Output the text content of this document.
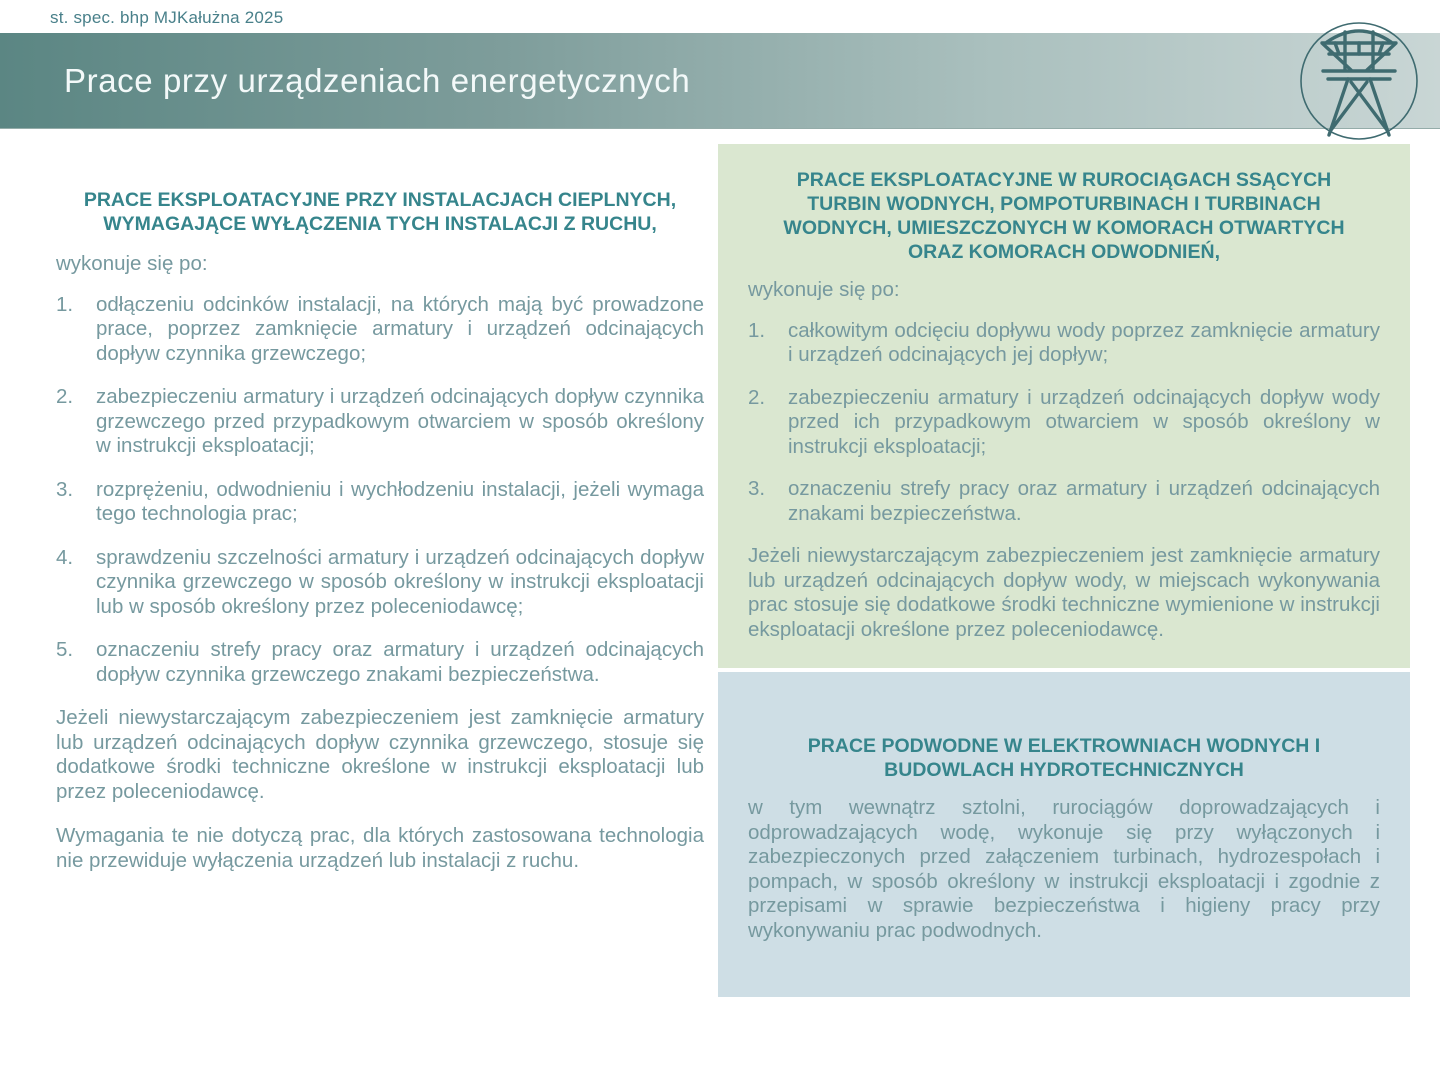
st. spec. bhp MJKałużna 2025
Prace przy urządzeniach energetycznych
PRACE EKSPLOATACYJNE PRZY INSTALACJACH CIEPLNYCH,
WYMAGAJĄCE WYŁĄCZENIA TYCH INSTALACJI Z RUCHU,

wykonuje się po:

1.	odłączeniu odcinków instalacji, na których mają być prowadzone prace, poprzez zamknięcie armatury i urządzeń odcinających dopływ czynnika grzewczego;
2.	zabezpieczeniu armatury i urządzeń odcinających dopływ czynnika grzewczego przed przypadkowym otwarciem w sposób określony w instrukcji eksploatacji;
3.	rozprężeniu, odwodnieniu i wychłodzeniu instalacji, jeżeli wymaga tego technologia prac;
4.	sprawdzeniu szczelności armatury i urządzeń odcinających dopływ czynnika grzewczego w sposób określony w instrukcji eksploatacji lub w sposób określony przez poleceniodawcę;
5.	oznaczeniu strefy pracy oraz armatury i urządzeń odcinających dopływ czynnika grzewczego znakami bezpieczeństwa.

Jeżeli niewystarczającym zabezpieczeniem jest zamknięcie armatury lub urządzeń odcinających dopływ czynnika grzewczego, stosuje się dodatkowe środki techniczne określone w instrukcji eksploatacji lub przez poleceniodawcę.

Wymagania te nie dotyczą prac, dla których zastosowana technologia nie przewiduje wyłączenia urządzeń lub instalacji z ruchu.

PRACE EKSPLOATACYJNE W RUROCIĄGACH SSĄCYCH
TURBIN WODNYCH, POMPOTURBINACH I TURBINACH
WODNYCH, UMIESZCZONYCH W KOMORACH OTWARTYCH
ORAZ KOMORACH ODWODNIEŃ,

wykonuje się po:

1.	całkowitym odcięciu dopływu wody poprzez zamknięcie armatury i urządzeń odcinających jej dopływ;
2.	zabezpieczeniu armatury i urządzeń odcinających dopływ wody przed ich przypadkowym otwarciem w sposób określony w instrukcji eksploatacji;
3.	oznaczeniu strefy pracy oraz armatury i urządzeń odcinających znakami bezpieczeństwa.

Jeżeli niewystarczającym zabezpieczeniem jest zamknięcie armatury lub urządzeń odcinających dopływ wody, w miejscach wykonywania prac stosuje się dodatkowe środki techniczne wymienione w instrukcji eksploatacji określone przez poleceniodawcę.

PRACE PODWODNE W ELEKTROWNIACH WODNYCH I
BUDOWLACH HYDROTECHNICZNYCH

w tym wewnątrz sztolni, rurociągów doprowadzających i odprowadzających wodę, wykonuje się przy wyłączonych i zabezpieczonych przed załączeniem turbinach, hydrozespołach i pompach, w sposób określony w instrukcji eksploatacji i zgodnie z przepisami w sprawie bezpieczeństwa i higieny pracy przy wykonywaniu prac podwodnych.
